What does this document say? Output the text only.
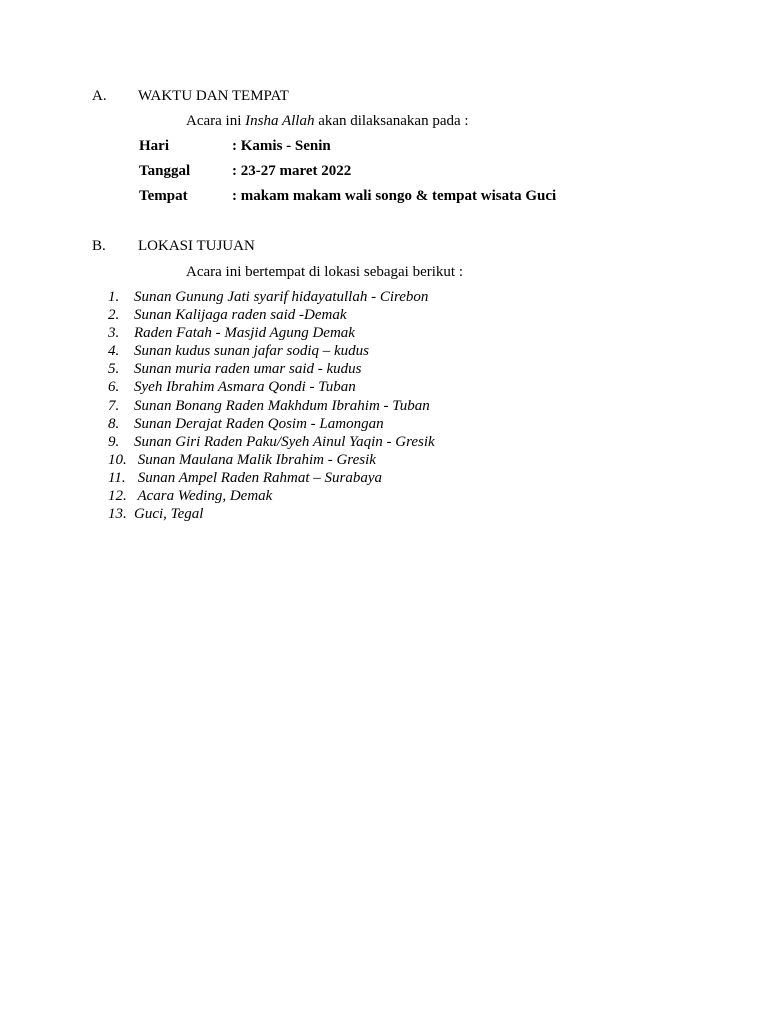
A. WAKTU DAN TEMPAT
Acara ini Insha Allah akan dilaksanakan pada :
Hari	: Kamis - Senin
Tanggal	: 23-27 maret 2022
Tempat	: makam makam wali songo & tempat wisata Guci
B. LOKASI TUJUAN
Acara ini bertempat di lokasi sebagai berikut :
1. Sunan Gunung Jati syarif hidayatullah - Cirebon
2. Sunan Kalijaga raden said -Demak
3. Raden Fatah - Masjid Agung Demak
4. Sunan kudus sunan jafar sodiq – kudus
5. Sunan muria raden umar said - kudus
6. Syeh Ibrahim Asmara Qondi - Tuban
7. Sunan Bonang Raden Makhdum Ibrahim - Tuban
8. Sunan Derajat Raden Qosim - Lamongan
9. Sunan Giri Raden Paku/Syeh Ainul Yaqin - Gresik
10. Sunan Maulana Malik Ibrahim - Gresik
11. Sunan Ampel Raden Rahmat – Surabaya
12. Acara Weding, Demak
13. Guci, Tegal
